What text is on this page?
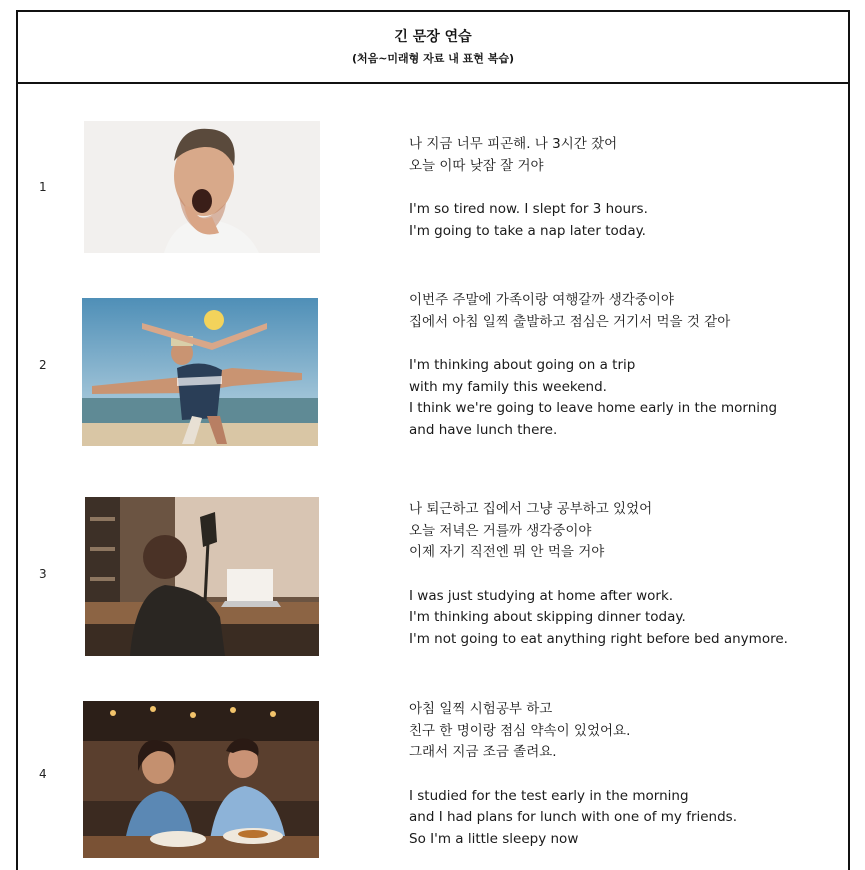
긴 문장 연습
(처음~미래형 자료 내 표현 복습)
1
나 지금 너무 피곤해. 나 3시간 잤어
오늘 이따 낮잠 잘 거야
I'm so tired now. I slept for 3 hours.
I'm going to take a nap later today.
2
이번주 주말에 가족이랑 여행갈까 생각중이야
집에서 아침 일찍 출발하고 점심은 거기서 먹을 것 같아
I'm thinking about going on a trip
with my family this weekend.
I think we're going to leave home early in the morning
and have lunch there.
3
나 퇴근하고 집에서 그냥 공부하고 있었어
오늘 저녁은 거를까 생각중이야
이제 자기 직전엔 뭐 안 먹을 거야
I was just studying at home after work.
I'm thinking about skipping dinner today.
I'm not going to eat anything right before bed anymore.
4
아침 일찍 시험공부 하고
친구 한 명이랑 점심 약속이 있었어요.
그래서 지금 조금 졸려요.
I studied for the test early in the morning
and I had plans for lunch with one of my friends.
So I'm a little sleepy now
